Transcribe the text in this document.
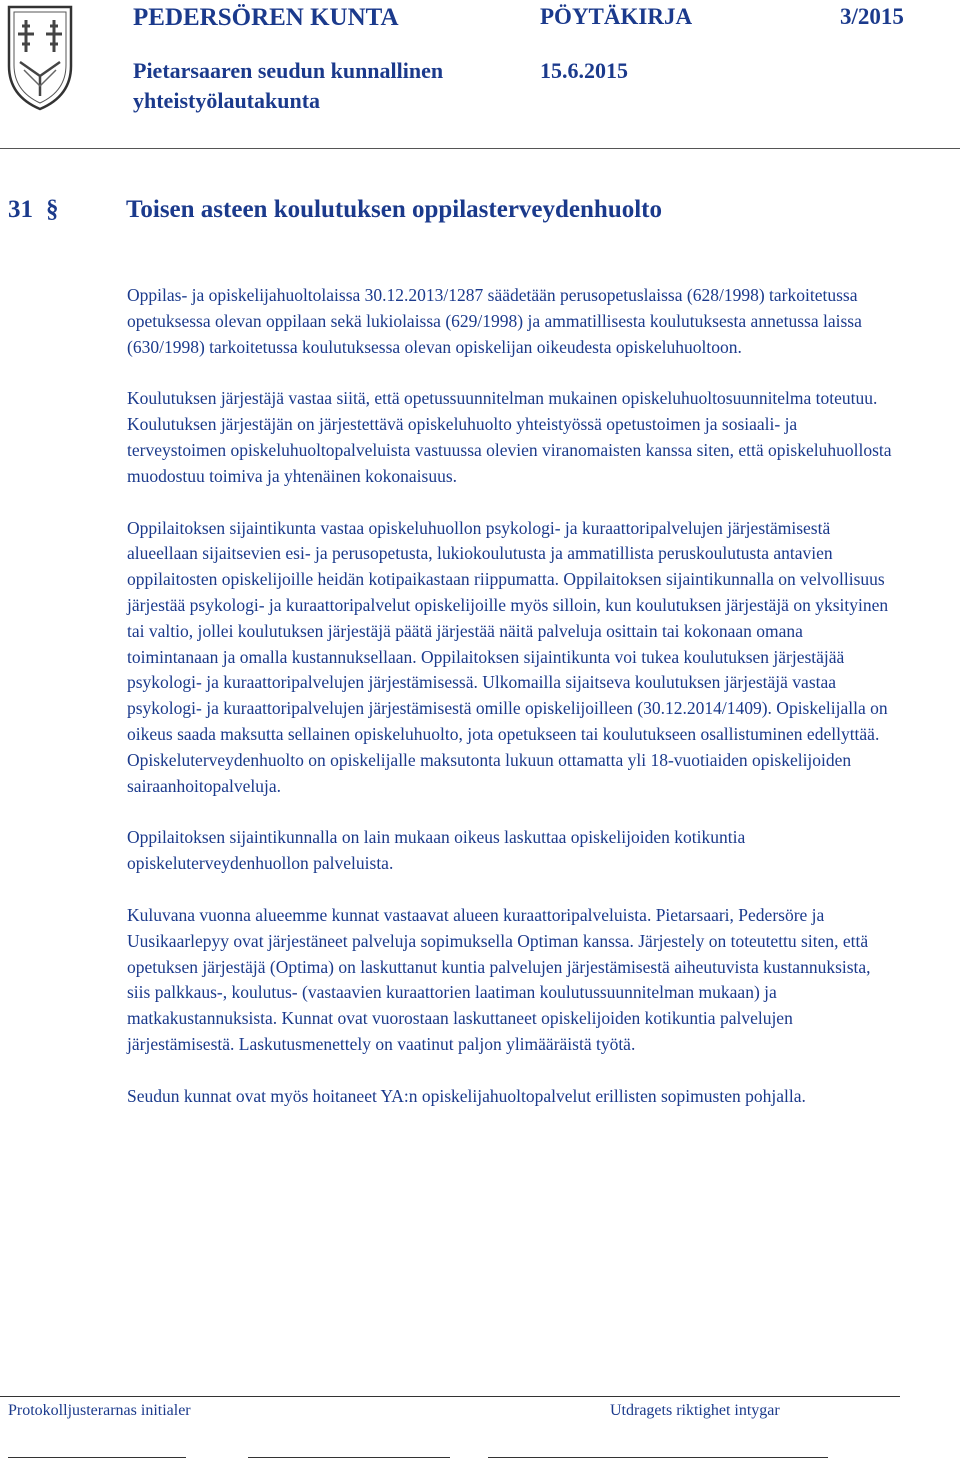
PEDERSÖREN KUNTA
Pietarsaaren seudun kunnallinen
yhteistyölautakunta
PÖYTÄKIRJA	3/2015
15.6.2015
31 §	Toisen asteen koulutuksen oppilasterveydenhuolto

Oppilas- ja opiskelijahuoltolaissa 30.12.2013/1287 säädetään perusopetuslaissa (628/1998) tarkoitetussa opetuksessa olevan oppilaan sekä lukiolaissa (629/1998) ja ammatillisesta koulutuksesta annetussa laissa (630/1998) tarkoitetussa koulutuksessa olevan opiskelijan oikeudesta opiskeluhuoltoon.

Koulutuksen järjestäjä vastaa siitä, että opetussuunnitelman mukainen opiskeluhuoltosuunnitelma toteutuu. Koulutuksen järjestäjän on järjestettävä opiskeluhuolto yhteistyössä opetustoimen ja sosiaali- ja terveystoimen opiskeluhuoltopalveluista vastuussa olevien viranomaisten kanssa siten, että opiskeluhuollosta muodostuu toimiva ja yhtenäinen kokonaisuus.

Oppilaitoksen sijaintikunta vastaa opiskeluhuollon psykologi- ja kuraattoripalvelujen järjestämisestä alueellaan sijaitsevien esi- ja perusopetusta, lukiokoulutusta ja ammatillista peruskoulutusta antavien oppilaitosten opiskelijoille heidän kotipaikastaan riippumatta. Oppilaitoksen sijaintikunnalla on velvollisuus järjestää psykologi- ja kuraattoripalvelut opiskelijoille myös silloin, kun koulutuksen järjestäjä on yksityinen tai valtio, jollei koulutuksen järjestäjä päätä järjestää näitä palveluja osittain tai kokonaan omana toimintanaan ja omalla kustannuksellaan. Oppilaitoksen sijaintikunta voi tukea koulutuksen järjestäjää psykologi- ja kuraattoripalvelujen järjestämisessä. Ulkomailla sijaitseva koulutuksen järjestäjä vastaa psykologi- ja kuraattoripalvelujen järjestämisestä omille opiskelijoilleen (30.12.2014/1409). Opiskelijalla on oikeus saada maksutta sellainen opiskeluhuolto, jota opetukseen tai koulutukseen osallistuminen edellyttää. Opiskeluterveydenhuolto on opiskelijalle maksutonta lukuun ottamatta yli 18-vuotiaiden opiskelijoiden sairaanhoitopalveluja.

Oppilaitoksen sijaintikunnalla on lain mukaan oikeus laskuttaa opiskelijoiden kotikuntia opiskeluterveydenhuollon palveluista.

Kuluvana vuonna alueemme kunnat vastaavat alueen kuraattoripalveluista. Pietarsaari, Pedersöre ja Uusikaarlepyy ovat järjestäneet palveluja sopimuksella Optiman kanssa. Järjestely on toteutettu siten, että opetuksen järjestäjä (Optima) on laskuttanut kuntia palvelujen järjestämisestä aiheutuvista kustannuksista, siis palkkaus-, koulutus- (vastaavien kuraattorien laatiman koulutussuunnitelman mukaan) ja matkakustannuksista. Kunnat ovat vuorostaan laskuttaneet opiskelijoiden kotikuntia palvelujen järjestämisestä. Laskutusmenettely on vaatinut paljon ylimääräistä työtä.

Seudun kunnat ovat myös hoitaneet YA:n opiskelijahuoltopalvelut erillisten sopimusten pohjalla.

Protokolljusterarnas initialer	Utdragets riktighet intygar
